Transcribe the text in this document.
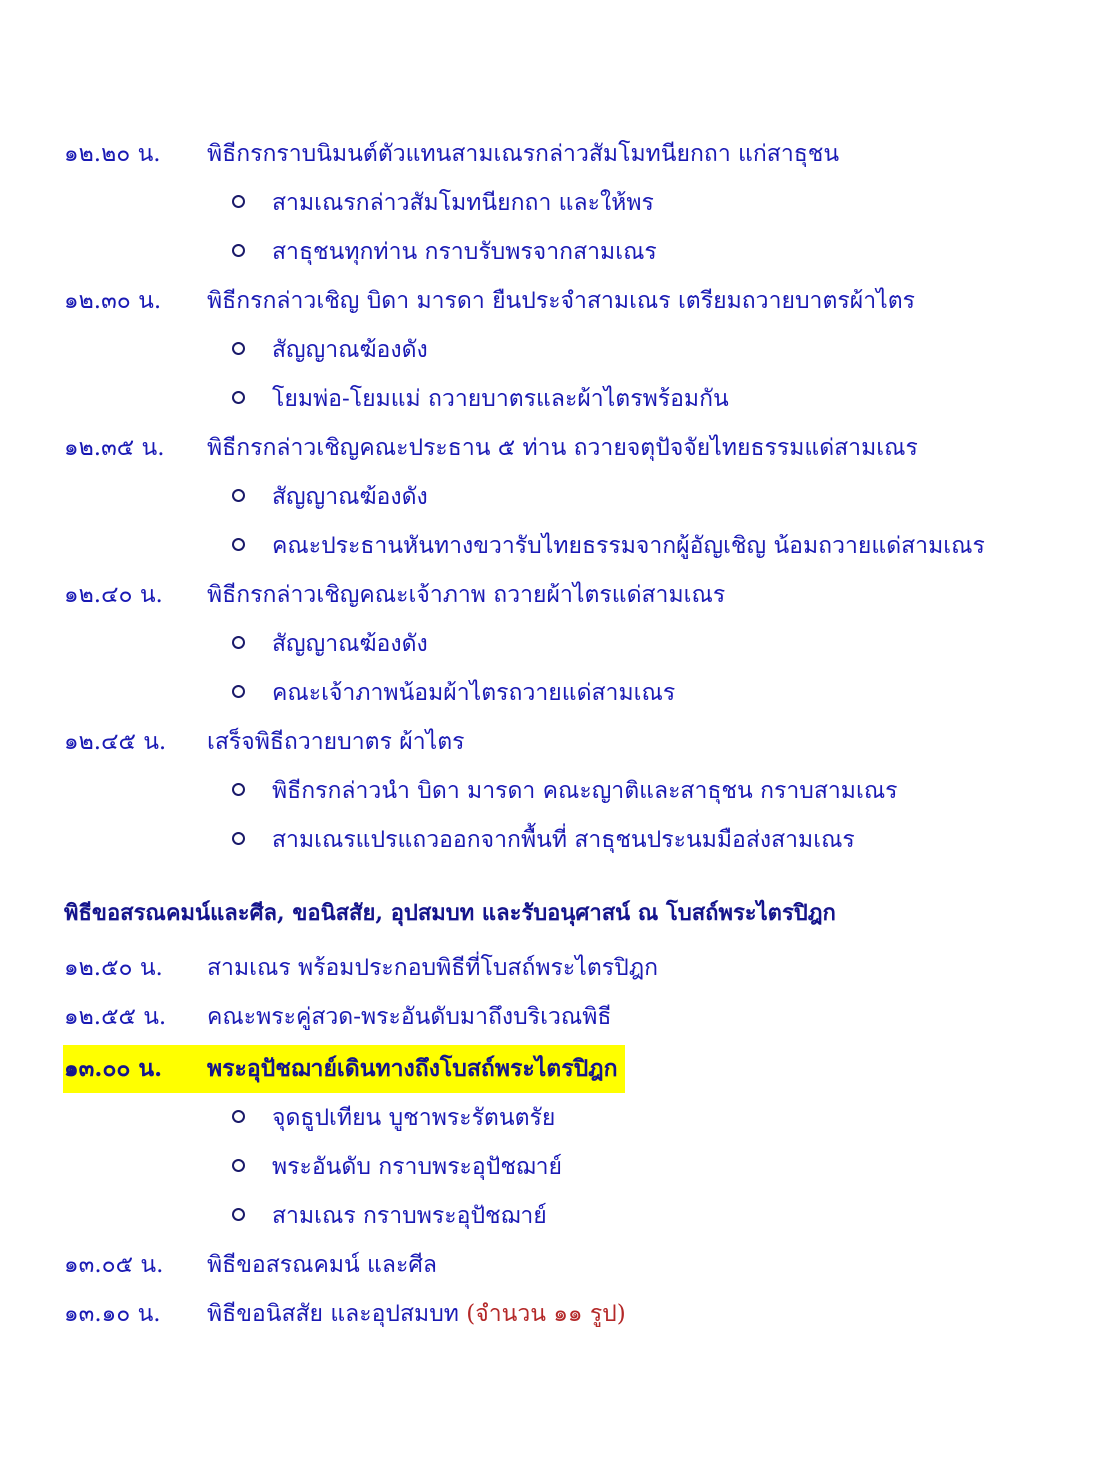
๑๒.๒๐ น. พิธีกรกราบนิมนต์ตัวแทนสามเณรกล่าวสัมโมทนียกถา แก่สาธุชน
สามเณรกล่าวสัมโมทนียกถา และให้พร
สาธุชนทุกท่าน กราบรับพรจากสามเณร
๑๒.๓๐ น. พิธีกรกล่าวเชิญ บิดา มารดา ยืนประจำสามเณร เตรียมถวายบาตรผ้าไตร
สัญญาณฆ้องดัง
โยมพ่อ-โยมแม่ ถวายบาตรและผ้าไตรพร้อมกัน
๑๒.๓๕ น. พิธีกรกล่าวเชิญคณะประธาน ๕ ท่าน ถวายจตุปัจจัยไทยธรรมแด่สามเณร
สัญญาณฆ้องดัง
คณะประธานหันทางขวารับไทยธรรมจากผู้อัญเชิญ น้อมถวายแด่สามเณร
๑๒.๔๐ น. พิธีกรกล่าวเชิญคณะเจ้าภาพ ถวายผ้าไตรแด่สามเณร
สัญญาณฆ้องดัง
คณะเจ้าภาพน้อมผ้าไตรถวายแด่สามเณร
๑๒.๔๕ น. เสร็จพิธีถวายบาตร ผ้าไตร
พิธีกรกล่าวนำ บิดา มารดา คณะญาติและสาธุชน กราบสามเณร
สามเณรแปรแถวออกจากพื้นที่ สาธุชนประนมมือส่งสามเณร
พิธีขอสรณคมน์และศีล, ขอนิสสัย, อุปสมบท และรับอนุศาสน์ ณ โบสถ์พระไตรปิฎก
๑๒.๕๐ น. สามเณร พร้อมประกอบพิธีที่โบสถ์พระไตรปิฎก
๑๒.๕๕ น. คณะพระคู่สวด-พระอันดับมาถึงบริเวณพิธี
๑๓.๐๐ น. พระอุปัชฌาย์เดินทางถึงโบสถ์พระไตรปิฎก
จุดธูปเทียน บูชาพระรัตนตรัย
พระอันดับ กราบพระอุปัชฌาย์
สามเณร กราบพระอุปัชฌาย์
๑๓.๐๕ น. พิธีขอสรณคมน์ และศีล
๑๓.๑๐ น. พิธีขอนิสสัย และอุปสมบท (จำนวน ๑๑ รูป)
